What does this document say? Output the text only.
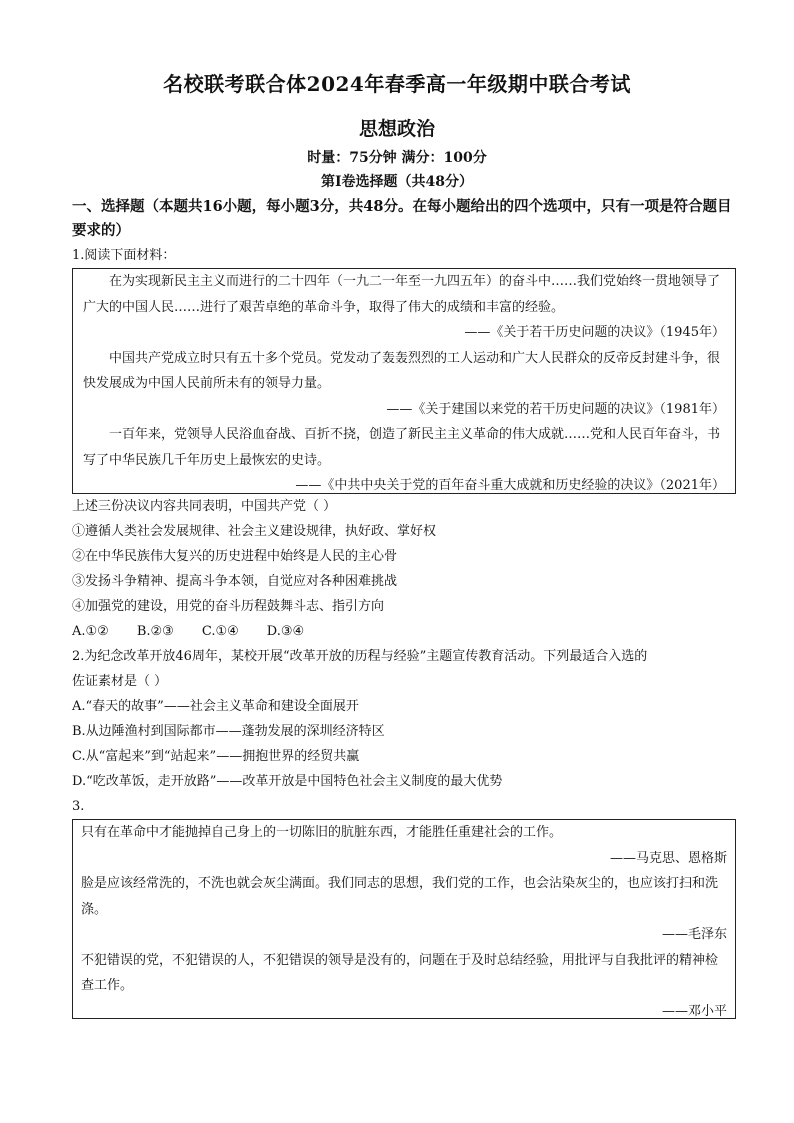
名校联考联合体2024年春季高一年级期中联合考试
思想政治
时量：75分钟 满分：100分
第Ⅰ卷选择题（共48分）
一、选择题（本题共16小题，每小题3分，共48分。在每小题给出的四个选项中，只有一项是符合题目要求的）
1.阅读下面材料：

在为实现新民主主义而进行的二十四年（一九二一年至一九四五年）的奋斗中……我们党始终一贯地领导了广大的中国人民……进行了艰苦卓绝的革命斗争，取得了伟大的成绩和丰富的经验。

——《关于若干历史问题的决议》（1945年）

中国共产党成立时只有五十多个党员。党发动了轰轰烈烈的工人运动和广大人民群众的反帝反封建斗争，很快发展成为中国人民前所未有的领导力量。

——《关于建国以来党的若干历史问题的决议》（1981年）

一百年来，党领导人民浴血奋战、百折不挠，创造了新民主主义革命的伟大成就……党和人民百年奋斗，书写了中华民族几千年历史上最恢宏的史诗。

——《中共中央关于党的百年奋斗重大成就和历史经验的决议》（2021年）

上述三份决议内容共同表明，中国共产党（ ）
①遵循人类社会发展规律、社会主义建设规律，执好政、掌好权
②在中华民族伟大复兴的历史进程中始终是人民的主心骨
③发扬斗争精神、提高斗争本领，自觉应对各种困难挑战
④加强党的建设，用党的奋斗历程鼓舞斗志、指引方向
A.①② B.②③ C.①④ D.③④
2.为纪念改革开放46周年，某校开展“改革开放的历程与经验”主题宣传教育活动。下列最适合入选的
佐证素材是（ ）
A.“春天的故事”——社会主义革命和建设全面展开
B.从边陲渔村到国际都市——蓬勃发展的深圳经济特区
C.从“富起来”到“站起来”——拥抱世界的经贸共赢
D.“吃改革饭，走开放路”——改革开放是中国特色社会主义制度的最大优势
3.

只有在革命中才能抛掉自己身上的一切陈旧的肮脏东西，才能胜任重建社会的工作。

——马克思、恩格斯

脸是应该经常洗的，不洗也就会灰尘满面。我们同志的思想，我们党的工作，也会沾染灰尘的，也应该打扫和洗涤。

——毛泽东

不犯错误的党，不犯错误的人，不犯错误的领导是没有的，问题在于及时总结经验，用批评与自我批评的精神检查工作。

——邓小平
